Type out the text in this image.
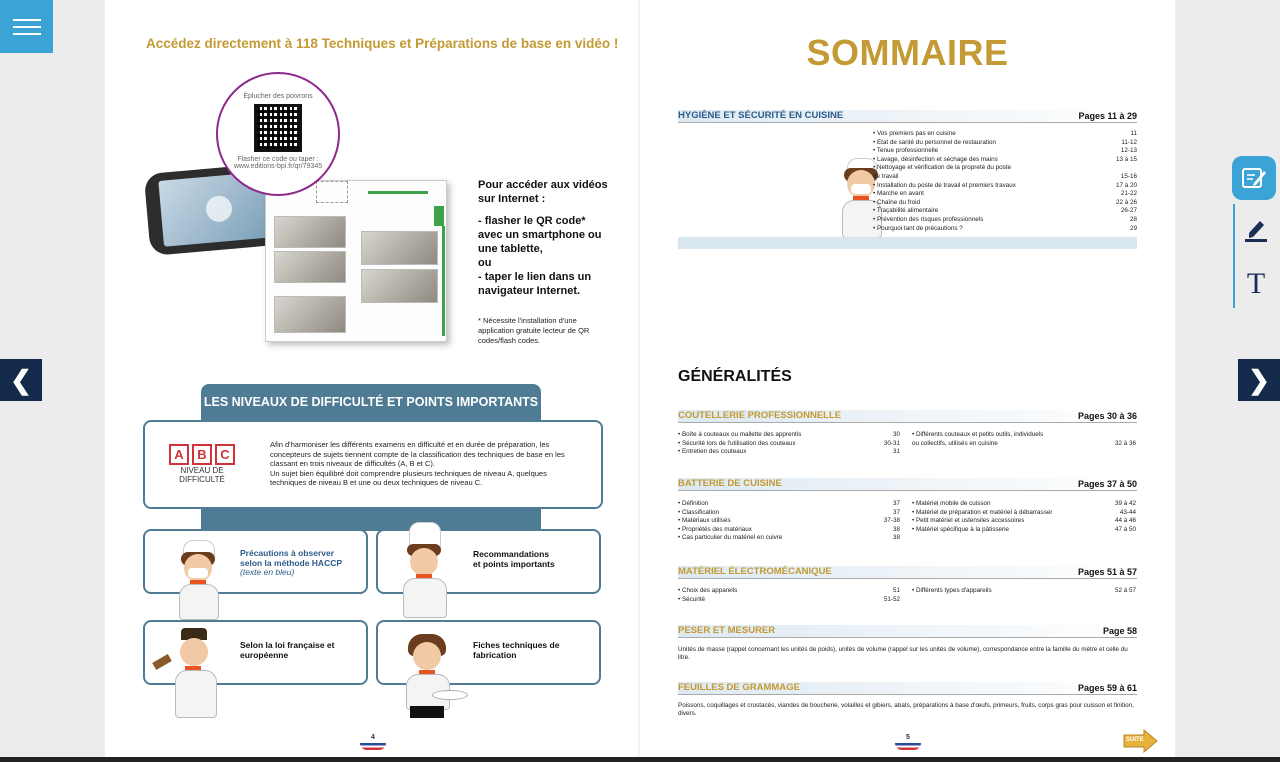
❮	❯
T
Accédez directement à 118 Techniques et Préparations de base en vidéo !
Éplucher des poivrons
Flasher ce code ou taper :
www.editions-bpi.fr/qr/79345
Pour accéder aux vidéos sur Internet :
- flasher le QR code* avec un smartphone ou une tablette,
ou
- taper le lien dans un navigateur Internet.
* Nécessite l'installation d'une application gratuite lecteur de QR codes/flash codes.
LES NIVEAUX DE DIFFICULTÉ ET POINTS IMPORTANTS
A	B	C
NIVEAU DE DIFFICULTÉ
Afin d'harmoniser les différents examens en difficulté et en durée de préparation, les concepteurs de sujets tiennent compte de la classification des techniques de base en les classant en trois niveaux de difficultés (A, B et C).
Un sujet bien équilibré doit comprendre plusieurs techniques de niveau A, quelques techniques de niveau B et une ou deux techniques de niveau C.
Précautions à observer
selon la méthode HACCP
(texte en bleu)
Recommandations
et points importants
Selon la loi française et
européenne
Fiches techniques de
fabrication
4
SOMMAIRE
HYGIÈNE ET SÉCURITÉ EN CUISINE	Pages 11 à 29
• Vos premiers pas en cuisine	11
• État de santé du personnel de restauration	11-12
• Tenue professionnelle	12-13
• Lavage, désinfection et séchage des mains	13 à 15
• Nettoyage et vérification de la propreté du poste
de travail	15-16
• Installation du poste de travail et premiers travaux	17 à 20
• Marche en avant	21-22
• Chaîne du froid	22 à 26
• Traçabilité alimentaire	26-27
• Prévention des risques professionnels	28
• Pourquoi tant de précautions ?	29
GÉNÉRALITÉS
COUTELLERIE PROFESSIONNELLE	Pages 30 à 36
• Boîte à couteaux ou mallette des apprentis	30
• Sécurité lors de l'utilisation des couteaux	30-31
• Entretien des couteaux	31
• Différents couteaux et petits outils, individuels
ou collectifs, utilisés en cuisine	32 à 36
BATTERIE DE CUISINE	Pages 37 à 50
• Définition	37
• Classification	37
• Matériaux utilisés	37-38
• Propriétés des matériaux	38
• Cas particulier du matériel en cuivre	38
• Matériel mobile de cuisson	39 à 42
• Matériel de préparation et matériel à débarrasser	43-44
• Petit matériel et ustensiles accessoires	44 à 46
• Matériel spécifique à la pâtisserie	47 à 50
MATÉRIEL ÉLECTROMÉCANIQUE	Pages 51 à 57
• Choix des appareils	51
• Sécurité	51-52
• Différents types d'appareils	52 à 57
PESER ET MESURER	Page 58
Unités de masse (rappel concernant les unités de poids), unités de volume (rappel sur les unités de volume), correspondance entre la famille du mètre et celle du litre.
FEUILLES DE GRAMMAGE	Pages 59 à 61
Poissons, coquillages et crustacés, viandes de boucherie, volailles et gibiers, abats, préparations à base d'œufs, primeurs, fruits, corps gras pour cuisson et finition, divers.
5	SUITE
